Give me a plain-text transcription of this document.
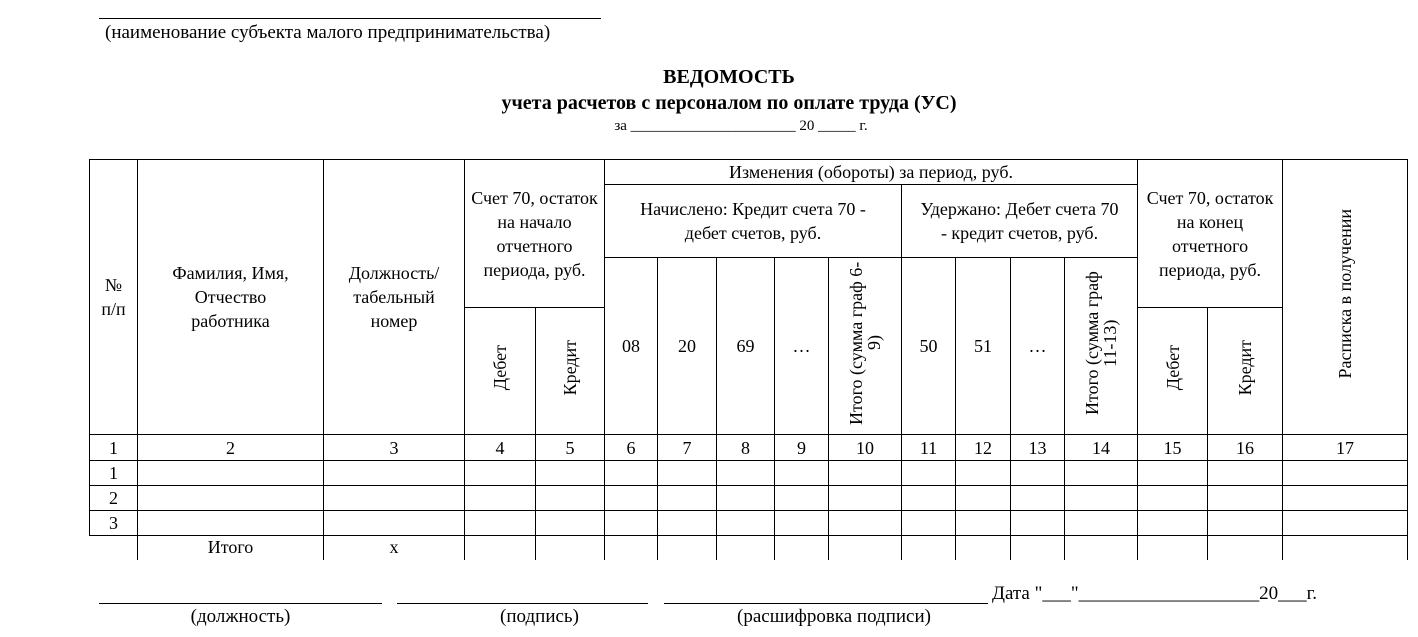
(наименование субъекта малого предпринимательства)
ВЕДОМОСТЬ
учета расчетов с персоналом по оплате труда (УС)
за ______________________ 20 _____ г.
№ п/п	Фамилия, Имя, Отчество работника	Должность/ табельный номер	Счет 70, остаток на начало отчетного периода, руб.		Изменения (обороты) за период, руб.									Счет 70, остаток на конец отчетного периода, руб.		Расписка в получении
					Начислено: Кредит счета 70 - дебет счетов, руб.					Удержано: Дебет счета 70 - кредит счетов, руб.						
					08	20	69	…	Итого (сумма граф 6-9)	50	51	…	Итого (сумма граф 11-13)			
			Дебет	Кредит										Дебет	Кредит	
1	2	3	4	5	6	7	8	9	10	11	12	13	14	15	16	17
1																
2																
3																
	Итого	x														
Дата "___"___________________20___г.
(должность)	(подпись)	(расшифровка подписи)
